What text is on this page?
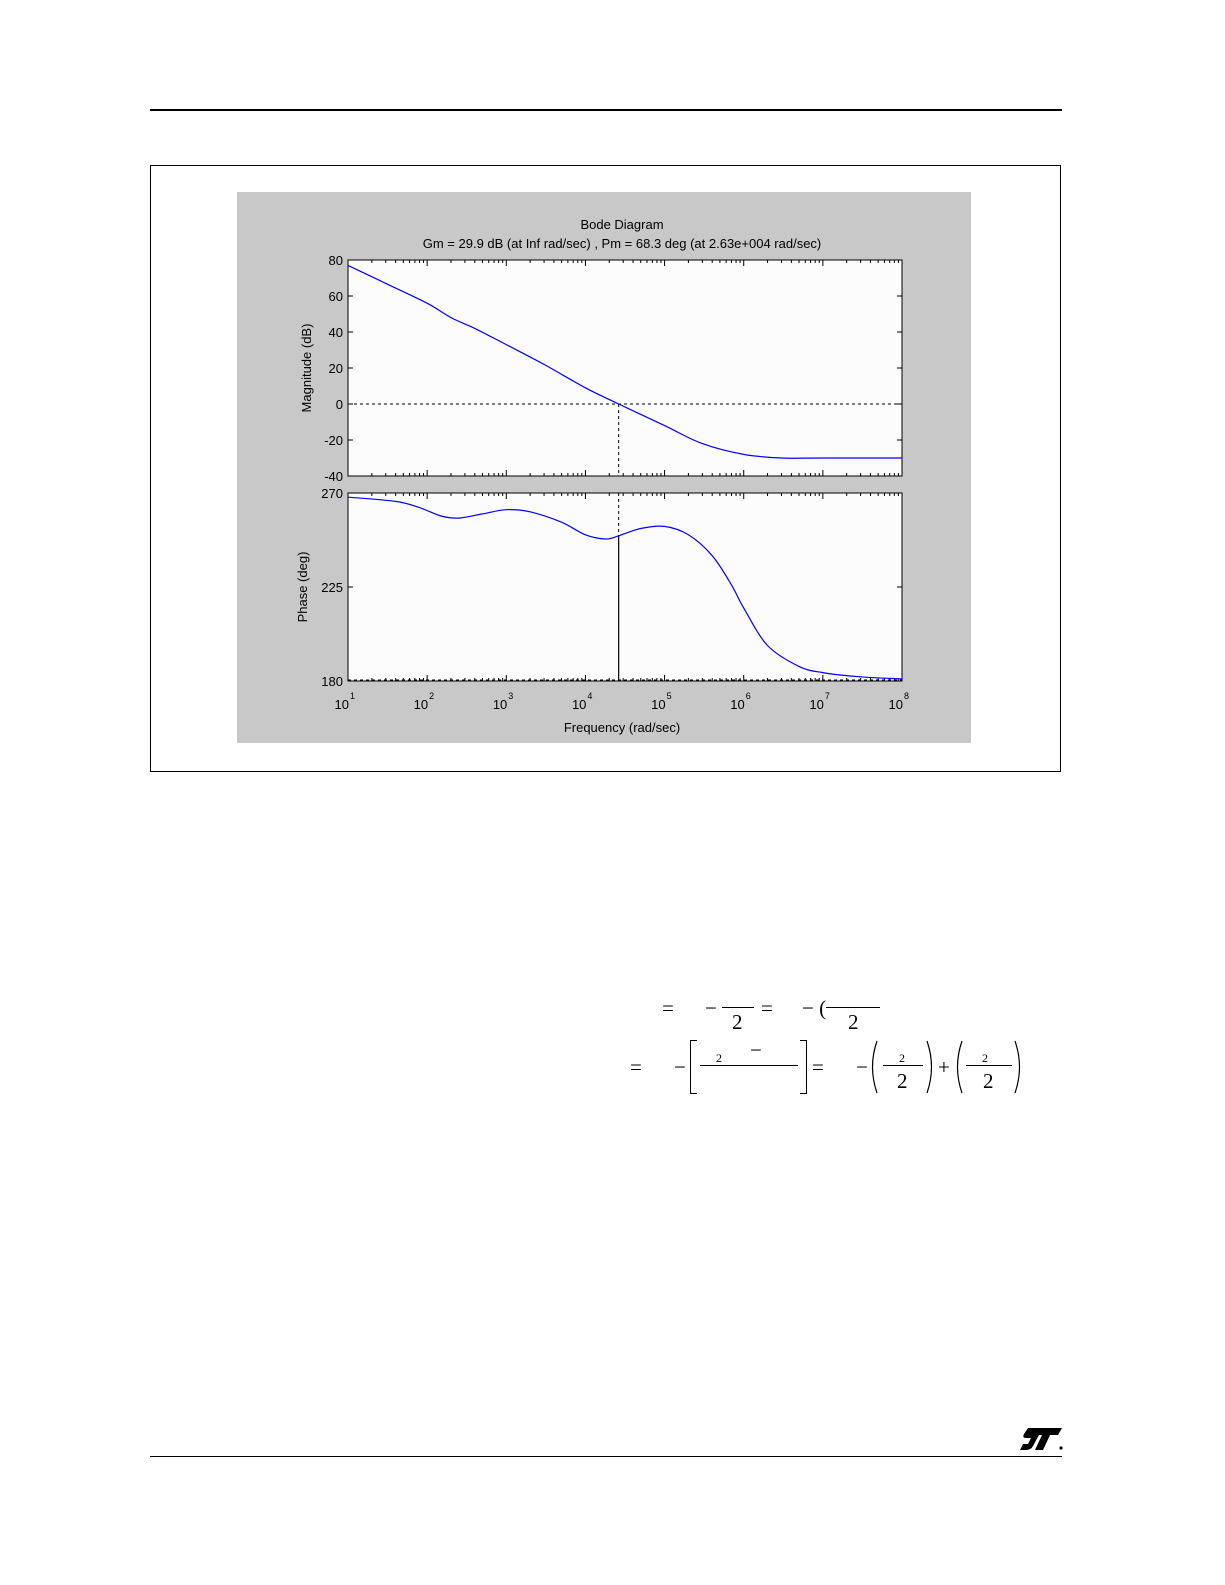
Bode Diagram
Gm = 29.9 dB (at Inf rad/sec) , Pm = 68.3 deg (at 2.63e+004 rad/sec)
80
60
40
20
0
-20
-40
Magnitude (dB)
270
225
180
Phase (deg)
10
1
10
2
10
3
10
4
10
5
10
6
10
7
10
8
Frequency (rad/sec)
= −
2
= − (
2
= −	2 −
= −	2
2
+	2
2
